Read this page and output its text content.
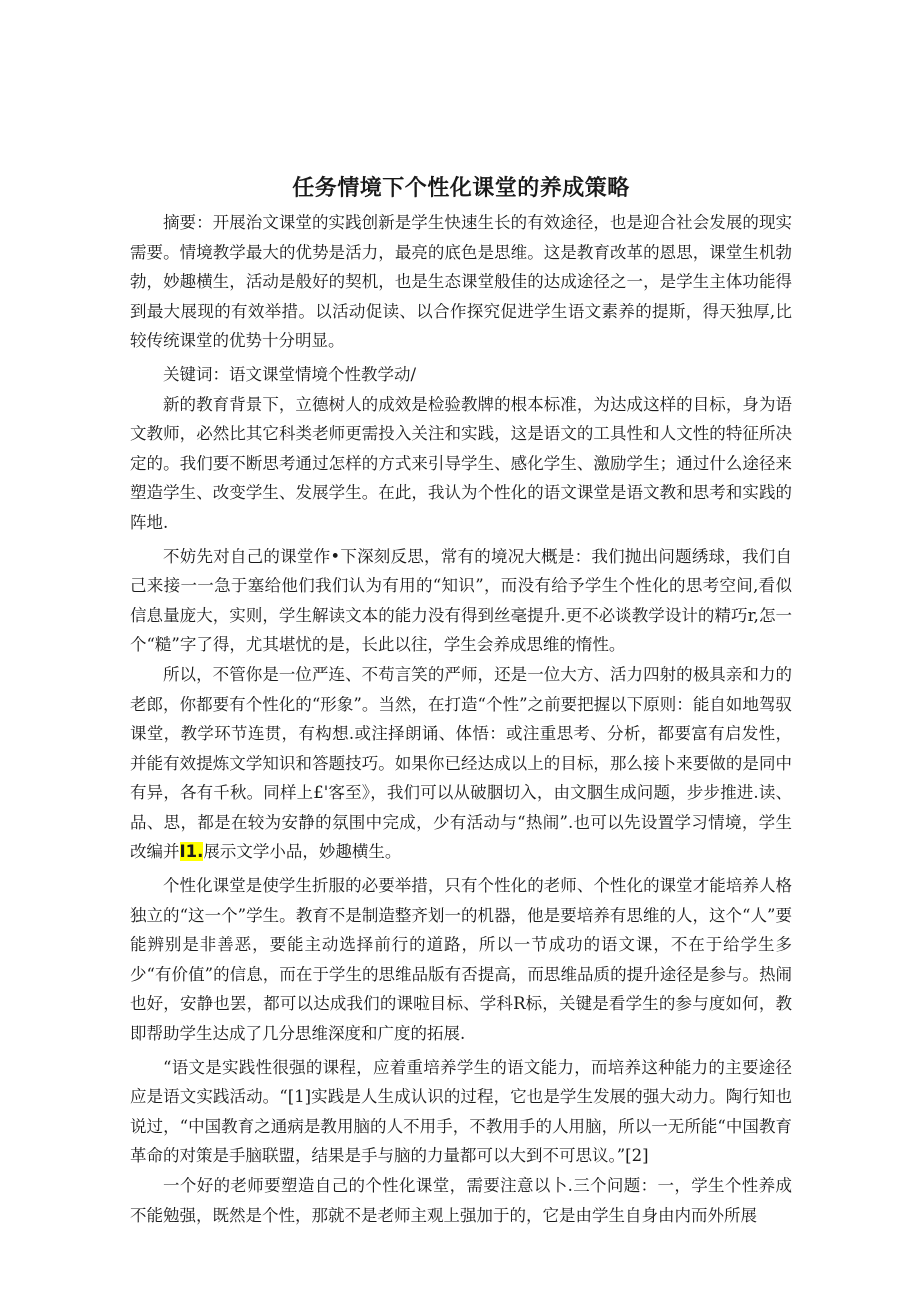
任务情境下个性化课堂的养成策略

摘要：开展治文课堂的实践创新是学生快速生长的有效途径，也是迎合社会发展的现实需要。情境教学最大的优势是活力，最亮的底色是思维。这是教育改革的恩思，课堂生机勃勃，妙趣横生，活动是般好的契机，也是生态课堂般佳的达成途径之一，是学生主体功能得到最大展现的有效举措。以活动促读、以合作探究促进学生语文素养的提斯，得天独厚,比较传统课堂的优势十分明显。

关键词：语文课堂情境个性教学动/

新的教育背景下，立德树人的成效是检验教牌的根本标准，为达成这样的目标，身为语文教师，必然比其它科类老师更需投入关注和实践，这是语文的工具性和人文性的特征所决定的。我们要不断思考通过怎样的方式来引导学生、感化学生、激励学生；通过什么途径来塑造学生、改变学生、发展学生。在此，我认为个性化的语文课堂是语文教和思考和实践的阵地.

不妨先对自己的课堂作•下深刻反思，常有的境况大概是：我们抛出问题绣球，我们自己来接一一急于塞给他们我们认为有用的“知识”，而没有给予学生个性化的思考空间,看似信息量庞大，实则，学生解读文本的能力没有得到丝毫提升.更不必谈教学设计的精巧r,怎一个“糙”字了得，尤其堪忧的是，长此以往，学生会养成思维的惰性。

所以，不管你是一位严连、不苟言笑的严师，还是一位大方、活力四射的极具亲和力的老郎，你都要有个性化的“形象”。当然，在打造“个性”之前要把握以下原则：能自如地驾驭课堂，教学环节连贯，有构想.或注择朗诵、体悟：或注重思考、分析，都要富有启发性，并能有效提炼文学知识和答题技巧。如果你已经达成以上的目标，那么接卜来要做的是同中有异，各有千秋。同样上£'客至》，我们可以从破胭切入，由文胭生成问题，步步推进.读、品、思，都是在较为安静的氛围中完成，少有活动与“热闹”.也可以先设置学习情境，学生改编并I1.展示文学小品，妙趣横生。

个性化课堂是使学生折服的必要举措，只有个性化的老师、个性化的课堂才能培养人格独立的“这一个”学生。教育不是制造整齐划一的机器，他是要培养有思维的人，这个“人”要能辨别是非善恶，要能主动选择前行的道路，所以一节成功的语文课，不在于给学生多少“有价值”的信息，而在于学生的思维品版有否提高，而思维品质的提升途径是参与。热闹也好，安静也罢，都可以达成我们的课啦目标、学科R标，关键是看学生的参与度如何，教即帮助学生达成了几分思维深度和广度的拓展.

“语文是实践性很强的课程，应着重培养学生的语文能力，而培养这种能力的主要途径应是语文实践活动。“[1]实践是人生成认识的过程，它也是学生发展的强大动力。陶行知也说过，“中国教育之通病是教用脑的人不用手，不教用手的人用脑，所以一无所能“中国教育革命的对策是手脑联盟，结果是手与脑的力量都可以大到不可思议。”[2]

一个好的老师要塑造自己的个性化课堂，需要注意以卜.三个问题：一，学生个性养成不能勉强，既然是个性，那就不是老师主观上强加于的，它是由学生自身由内而外所展
